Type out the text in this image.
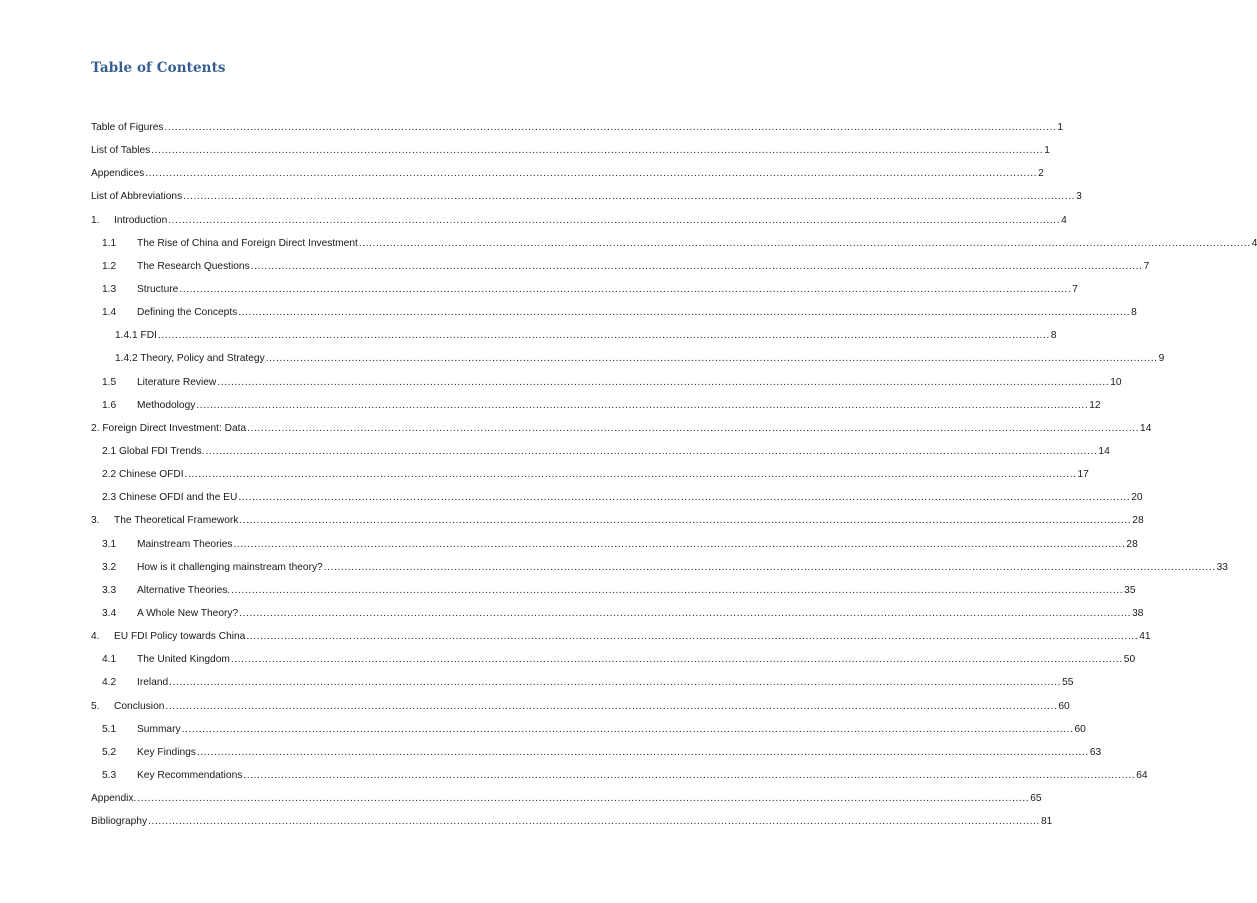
Table of Contents
Table of Figures .................................................................................................................................................................................................................................................................... 1
List of Tables .................................................................................................................................................................................................................................................................... 1
Appendices .................................................................................................................................................................................................................................................................... 2
List of Abbreviations .................................................................................................................................................................................................................................................................... 3
1.	Introduction .................................................................................................................................................................................................................................................................... 4
1.1	The Rise of China and Foreign Direct Investment .................................................................................................................................................................................................................................................................... 4
1.2	The Research Questions .................................................................................................................................................................................................................................................................... 7
1.3	Structure .................................................................................................................................................................................................................................................................... 7
1.4	Defining the Concepts .................................................................................................................................................................................................................................................................... 8
1.4.1 FDI .................................................................................................................................................................................................................................................................... 8
1.4.2 Theory, Policy and Strategy .................................................................................................................................................................................................................................................................... 9
1.5	Literature Review .................................................................................................................................................................................................................................................................... 10
1.6	Methodology .................................................................................................................................................................................................................................................................... 12
2. Foreign Direct Investment: Data .................................................................................................................................................................................................................................................................... 14
2.1 Global FDI Trends. .................................................................................................................................................................................................................................................................... 14
2.2 Chinese OFDI .................................................................................................................................................................................................................................................................... 17
2.3 Chinese OFDI and the EU .................................................................................................................................................................................................................................................................... 20
3.	The Theoretical Framework .................................................................................................................................................................................................................................................................... 28
3.1	Mainstream Theories .................................................................................................................................................................................................................................................................... 28
3.2	How is it challenging mainstream theory? .................................................................................................................................................................................................................................................................... 33
3.3	Alternative Theories. .................................................................................................................................................................................................................................................................... 35
3.4	A Whole New Theory? .................................................................................................................................................................................................................................................................... 38
4.	EU FDI Policy towards China .................................................................................................................................................................................................................................................................... 41
4.1	The United Kingdom .................................................................................................................................................................................................................................................................... 50
4.2	Ireland .................................................................................................................................................................................................................................................................... 55
5.	Conclusion .................................................................................................................................................................................................................................................................... 60
5.1	Summary .................................................................................................................................................................................................................................................................... 60
5.2	Key Findings .................................................................................................................................................................................................................................................................... 63
5.3	Key Recommendations .................................................................................................................................................................................................................................................................... 64
Appendix. .................................................................................................................................................................................................................................................................... 65
Bibliography .................................................................................................................................................................................................................................................................... 81
